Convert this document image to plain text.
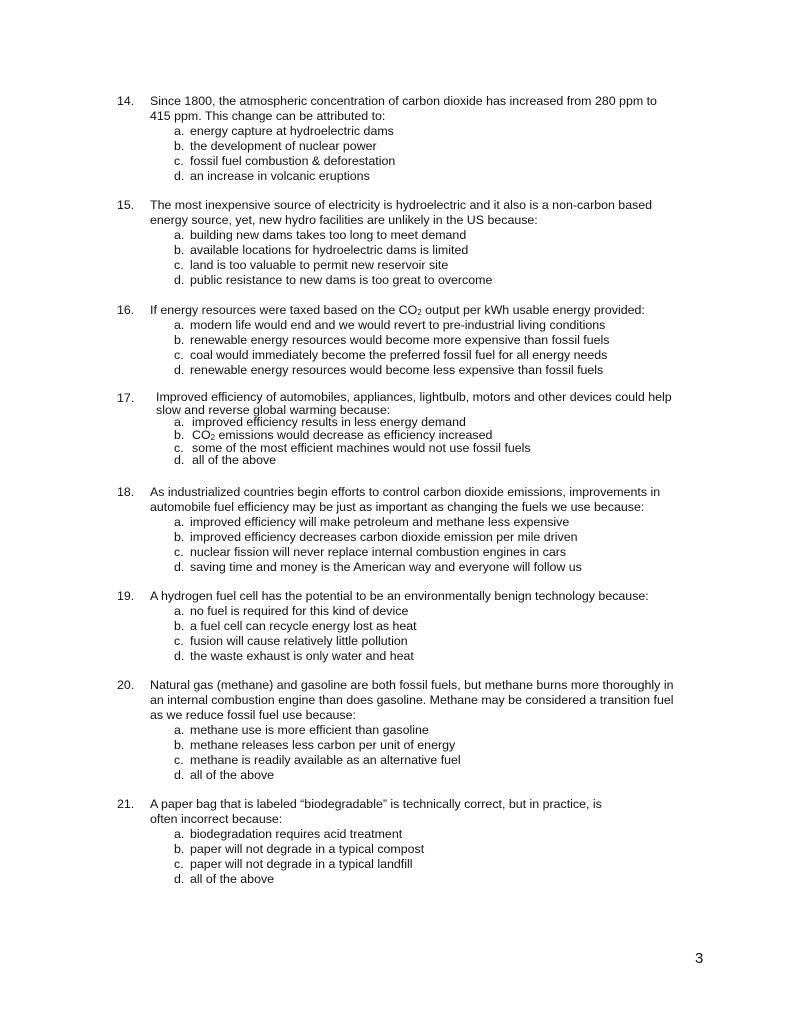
14. Since 1800, the atmospheric concentration of carbon dioxide has increased from 280 ppm to
415 ppm. This change can be attributed to:
a. energy capture at hydroelectric dams
b. the development of nuclear power
c. fossil fuel combustion & deforestation
d. an increase in volcanic eruptions
15. The most inexpensive source of electricity is hydroelectric and it also is a non-carbon based
energy source, yet, new hydro facilities are unlikely in the US because:
a. building new dams takes too long to meet demand
b. available locations for hydroelectric dams is limited
c. land is too valuable to permit new reservoir site
d. public resistance to new dams is too great to overcome
16. If energy resources were taxed based on the $CO_2$ output per kWh usable energy provided:
a. modern life would end and we would revert to pre-industrial living conditions
b. renewable energy resources would become more expensive than fossil fuels
c. coal would immediately become the preferred fossil fuel for all energy needs
d. renewable energy resources would become less expensive than fossil fuels
17. Improved efficiency of automobiles, appliances, lightbulb, motors and other devices could help
slow and reverse global warming because:
a. improved efficiency results in less energy demand
b. $CO_2$ emissions would decrease as efficiency increased
c. some of the most efficient machines would not use fossil fuels
d. all of the above
18. As industrialized countries begin efforts to control carbon dioxide emissions, improvements in
automobile fuel efficiency may be just as important as changing the fuels we use because:
a. improved efficiency will make petroleum and methane less expensive
b. improved efficiency decreases carbon dioxide emission per mile driven
c. nuclear fission will never replace internal combustion engines in cars
d. saving time and money is the American way and everyone will follow us
19. A hydrogen fuel cell has the potential to be an environmentally benign technology because:
a. no fuel is required for this kind of device
b. a fuel cell can recycle energy lost as heat
c. fusion will cause relatively little pollution
d. the waste exhaust is only water and heat
20. Natural gas (methane) and gasoline are both fossil fuels, but methane burns more thoroughly in
an internal combustion engine than does gasoline. Methane may be considered a transition fuel
as we reduce fossil fuel use because:
a. methane use is more efficient than gasoline
b. methane releases less carbon per unit of energy
c. methane is readily available as an alternative fuel
d. all of the above
21. A paper bag that is labeled “biodegradable” is technically correct, but in practice, is
often incorrect because:
a. biodegradation requires acid treatment
b. paper will not degrade in a typical compost
c. paper will not degrade in a typical landfill
d. all of the above
3
